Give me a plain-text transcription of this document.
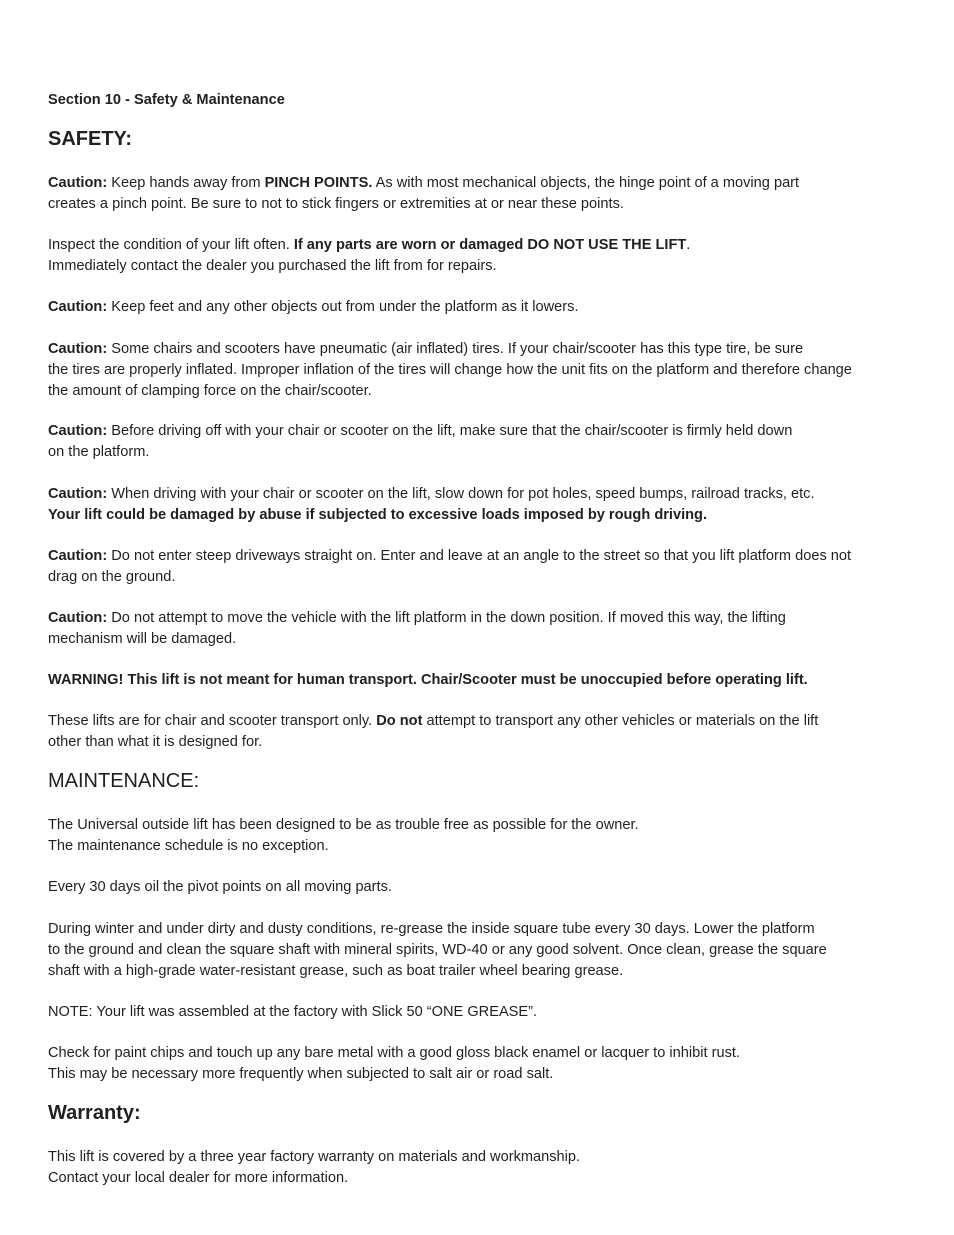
Section 10 - Safety & Maintenance
SAFETY:
Caution: Keep hands away from PINCH POINTS. As with most mechanical objects, the hinge point of a moving part
creates a pinch point. Be sure to not to stick fingers or extremities at or near these points.
Inspect the condition of your lift often. If any parts are worn or damaged DO NOT USE THE LIFT.
Immediately contact the dealer you purchased the lift from for repairs.
Caution: Keep feet and any other objects out from under the platform as it lowers.
Caution: Some chairs and scooters have pneumatic (air inflated) tires. If your chair/scooter has this type tire, be sure
the tires are properly inflated. Improper inflation of the tires will change how the unit fits on the platform and therefore change
the amount of clamping force on the chair/scooter.
Caution: Before driving off with your chair or scooter on the lift, make sure that the chair/scooter is firmly held down
on the platform.
Caution: When driving with your chair or scooter on the lift, slow down for pot holes, speed bumps, railroad tracks, etc.
Your lift could be damaged by abuse if subjected to excessive loads imposed by rough driving.
Caution: Do not enter steep driveways straight on. Enter and leave at an angle to the street so that you lift platform does not
drag on the ground.
Caution: Do not attempt to move the vehicle with the lift platform in the down position. If moved this way, the lifting
mechanism will be damaged.
WARNING! This lift is not meant for human transport. Chair/Scooter must be unoccupied before operating lift.
These lifts are for chair and scooter transport only. Do not attempt to transport any other vehicles or materials on the lift
other than what it is designed for.
MAINTENANCE:
The Universal outside lift has been designed to be as trouble free as possible for the owner.
The maintenance schedule is no exception.
Every 30 days oil the pivot points on all moving parts.
During winter and under dirty and dusty conditions, re-grease the inside square tube every 30 days. Lower the platform
to the ground and clean the square shaft with mineral spirits, WD-40 or any good solvent. Once clean, grease the square
shaft with a high-grade water-resistant grease, such as boat trailer wheel bearing grease.
NOTE: Your lift was assembled at the factory with Slick 50 “ONE GREASE”.
Check for paint chips and touch up any bare metal with a good gloss black enamel or lacquer to inhibit rust.
This may be necessary more frequently when subjected to salt air or road salt.
Warranty:
This lift is covered by a three year factory warranty on materials and workmanship.
Contact your local dealer for more information.
